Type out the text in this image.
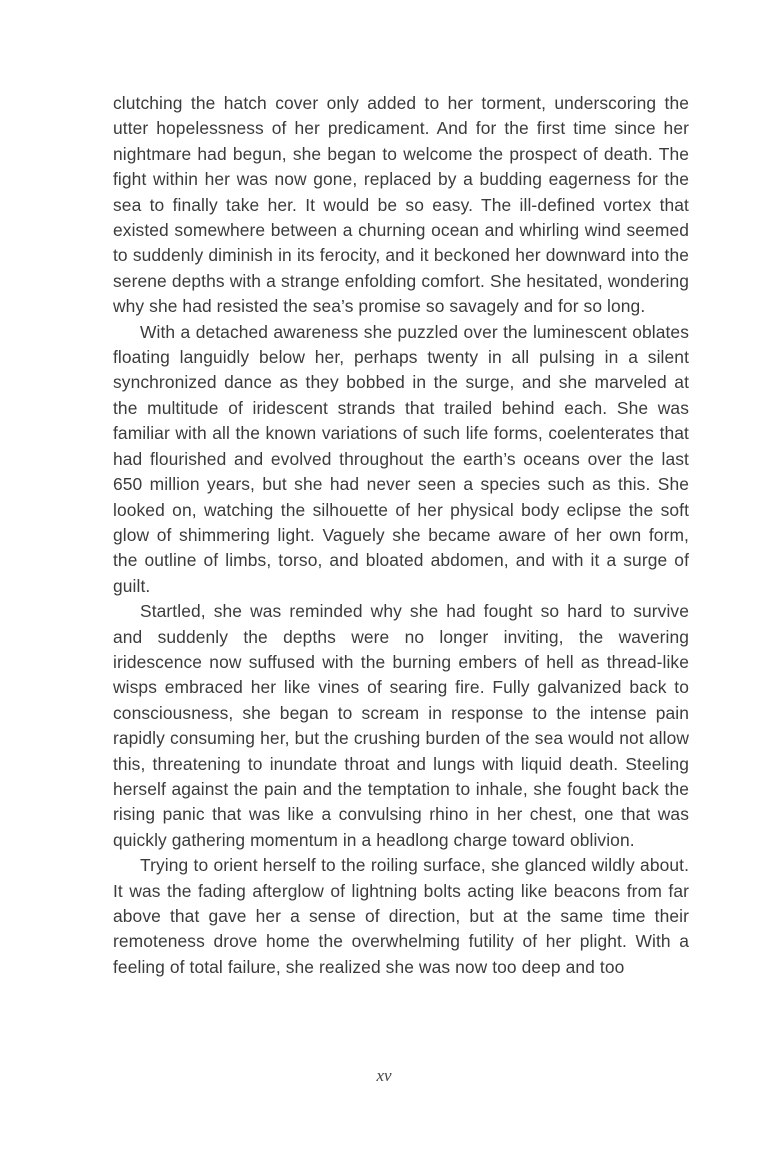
clutching the hatch cover only added to her torment, underscoring the utter hopelessness of her predicament. And for the first time since her nightmare had begun, she began to welcome the prospect of death. The fight within her was now gone, replaced by a budding eagerness for the sea to finally take her. It would be so easy. The ill-defined vortex that existed somewhere between a churning ocean and whirling wind seemed to suddenly diminish in its ferocity, and it beckoned her downward into the serene depths with a strange enfolding comfort. She hesitated, wondering why she had resisted the sea’s promise so savagely and for so long.

With a detached awareness she puzzled over the luminescent oblates floating languidly below her, perhaps twenty in all pulsing in a silent synchronized dance as they bobbed in the surge, and she marveled at the multitude of iridescent strands that trailed behind each. She was familiar with all the known variations of such life forms, coelenterates that had flourished and evolved throughout the earth’s oceans over the last 650 million years, but she had never seen a species such as this. She looked on, watching the silhouette of her physical body eclipse the soft glow of shimmering light. Vaguely she became aware of her own form, the outline of limbs, torso, and bloated abdomen, and with it a surge of guilt.

Startled, she was reminded why she had fought so hard to survive and suddenly the depths were no longer inviting, the wavering iridescence now suffused with the burning embers of hell as thread-like wisps embraced her like vines of searing fire. Fully galvanized back to consciousness, she began to scream in response to the intense pain rapidly consuming her, but the crushing burden of the sea would not allow this, threatening to inundate throat and lungs with liquid death. Steeling herself against the pain and the temptation to inhale, she fought back the rising panic that was like a convulsing rhino in her chest, one that was quickly gathering momentum in a headlong charge toward oblivion.

Trying to orient herself to the roiling surface, she glanced wildly about. It was the fading afterglow of lightning bolts acting like beacons from far above that gave her a sense of direction, but at the same time their remoteness drove home the overwhelming futility of her plight. With a feeling of total failure, she realized she was now too deep and too

xv
